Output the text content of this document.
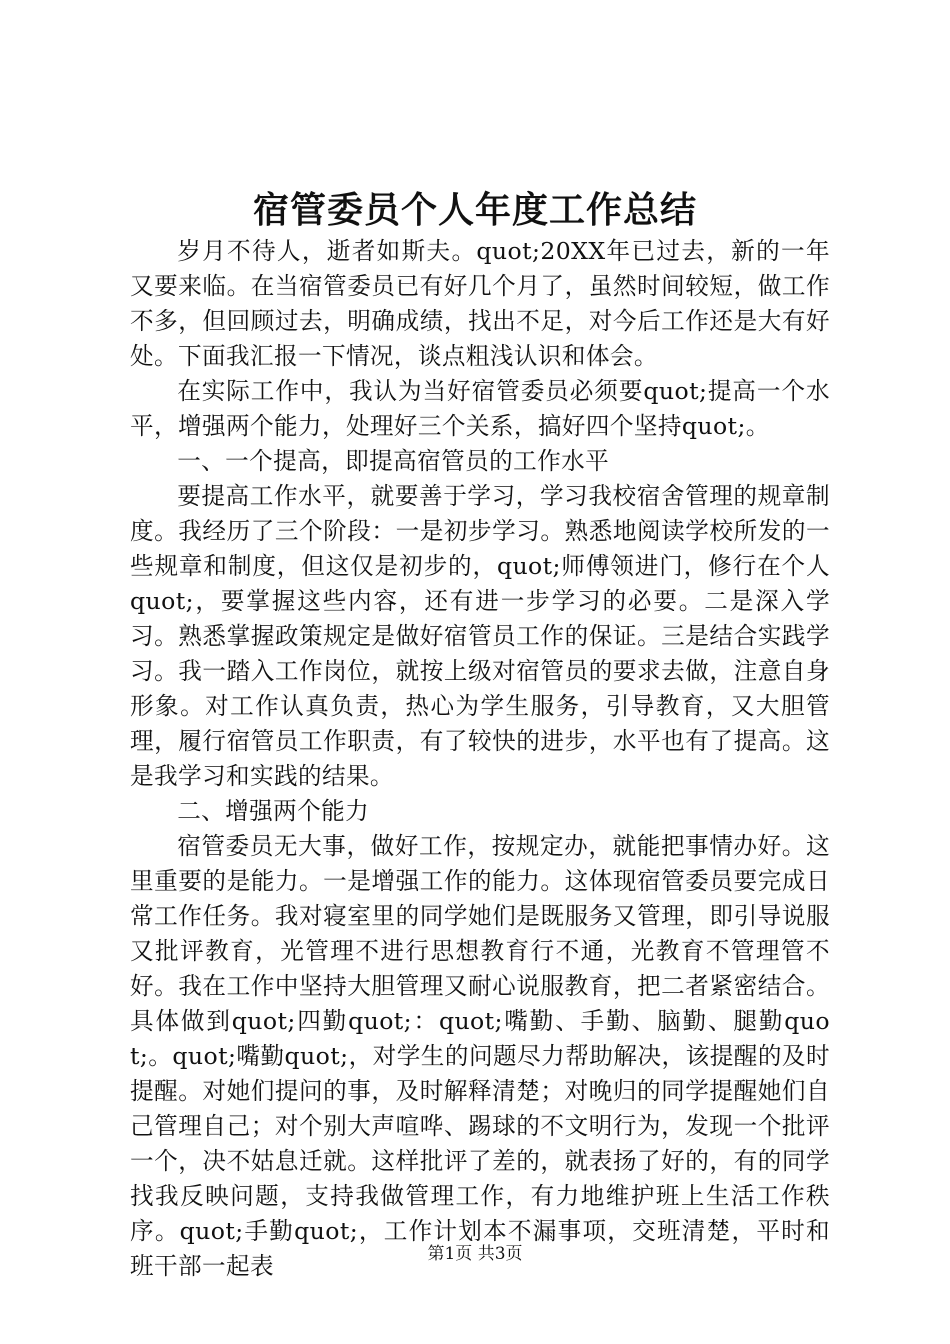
宿管委员个人年度工作总结

岁月不待人，逝者如斯夫。quot;20XX年已过去，新的一年又要来临。在当宿管委员已有好几个月了，虽然时间较短，做工作不多，但回顾过去，明确成绩，找出不足，对今后工作还是大有好处。下面我汇报一下情况，谈点粗浅认识和体会。

在实际工作中，我认为当好宿管委员必须要quot;提高一个水平，增强两个能力，处理好三个关系，搞好四个坚持quot;。

一、一个提高，即提高宿管员的工作水平

要提高工作水平，就要善于学习，学习我校宿舍管理的规章制度。我经历了三个阶段：一是初步学习。熟悉地阅读学校所发的一些规章和制度，但这仅是初步的，quot;师傅领进门，修行在个人quot;，要掌握这些内容，还有进一步学习的必要。二是深入学习。熟悉掌握政策规定是做好宿管员工作的保证。三是结合实践学习。我一踏入工作岗位，就按上级对宿管员的要求去做，注意自身形象。对工作认真负责，热心为学生服务，引导教育，又大胆管理，履行宿管员工作职责，有了较快的进步，水平也有了提高。这是我学习和实践的结果。

二、增强两个能力

宿管委员无大事，做好工作，按规定办，就能把事情办好。这里重要的是能力。一是增强工作的能力。这体现宿管委员要完成日常工作任务。我对寝室里的同学她们是既服务又管理，即引导说服又批评教育，光管理不进行思想教育行不通，光教育不管理管不好。我在工作中坚持大胆管理又耐心说服教育，把二者紧密结合。具体做到quot;四勤quot;：quot;嘴勤、手勤、脑勤、腿勤quot;。quot;嘴勤quot;，对学生的问题尽力帮助解决，该提醒的及时提醒。对她们提问的事，及时解释清楚；对晚归的同学提醒她们自己管理自己；对个别大声喧哗、踢球的不文明行为，发现一个批评一个，决不姑息迁就。这样批评了差的，就表扬了好的，有的同学找我反映问题，支持我做管理工作，有力地维护班上生活工作秩序。quot;手勤quot;，工作计划本不漏事项，交班清楚，平时和班干部一起表	第1页 共3页
